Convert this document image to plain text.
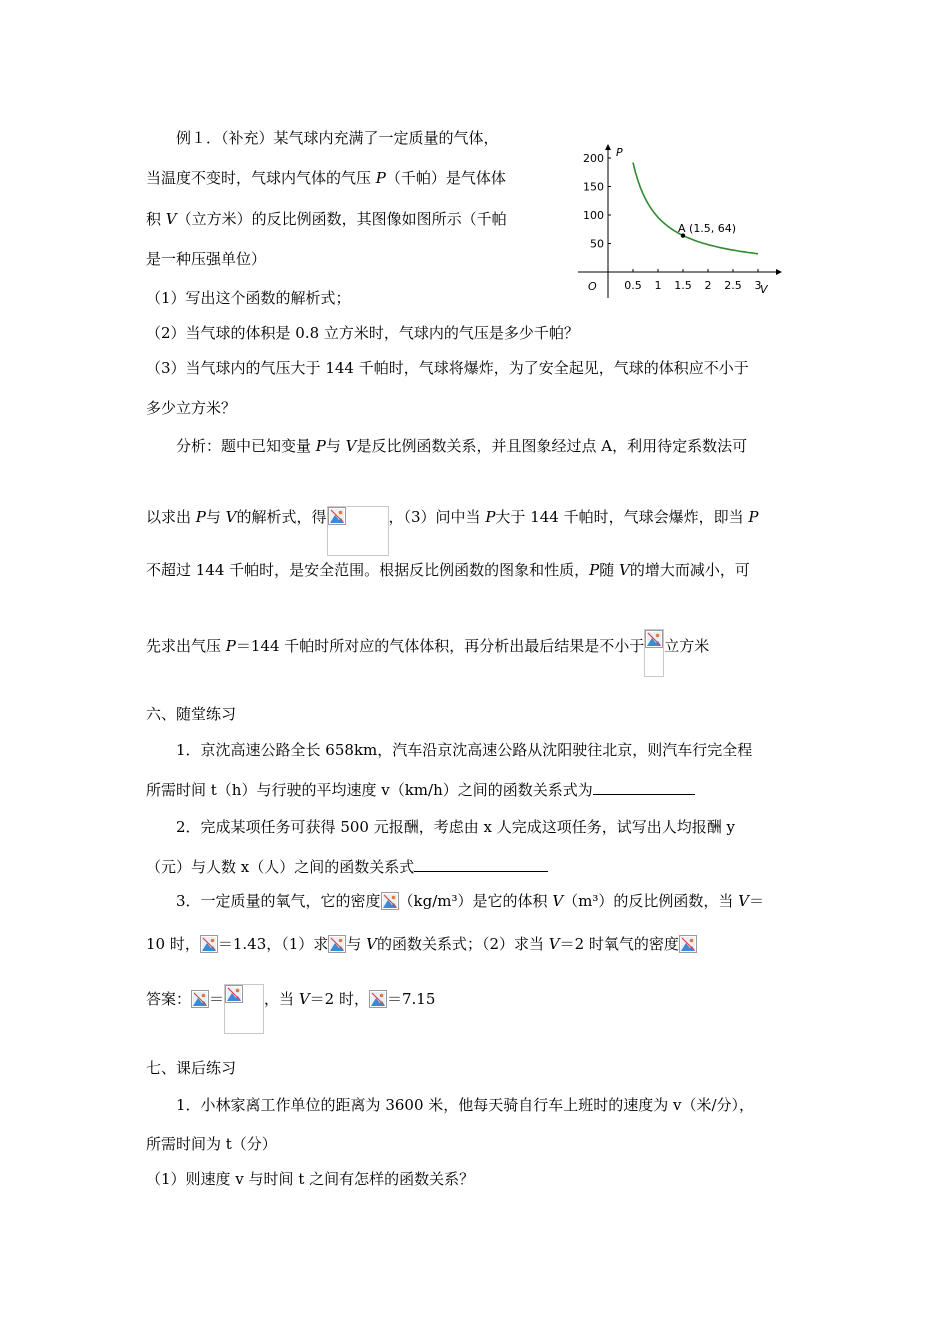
例１．（补充）某气球内充满了一定质量的气体，
当温度不变时，气球内气体的气压 P（千帕）是气体体
积 V（立方米）的反比例函数，其图像如图所示（千帕
是一种压强单位）
（1）写出这个函数的解析式；
（2）当气球的体积是 0.8 立方米时，气球内的气压是多少千帕？
（3）当气球内的气压大于 144 千帕时，气球将爆炸，为了安全起见，气球的体积应不小于
多少立方米？
P
V
O	0.5 1 1.5 2 2.5 3
50
100
150
200
A (1.5, 64)
分析：题中已知变量 P与 V是反比例函数关系，并且图象经过点 A，利用待定系数法可
以求出 P与 V的解析式，得	，（3）问中当 P大于 144 千帕时，气球会爆炸，即当 P
不超过 144 千帕时，是安全范围。根据反比例函数的图象和性质，P随 V的增大而减小，可
先求出气压 P＝144 千帕时所对应的气体体积，再分析出最后结果是不小于 立方米
六、随堂练习
1．京沈高速公路全长 658km，汽车沿京沈高速公路从沈阳驶往北京，则汽车行完全程
所需时间 t（h）与行驶的平均速度 v（km/h）之间的函数关系式为
2．完成某项任务可获得 500 元报酬，考虑由 x 人完成这项任务，试写出人均报酬 y
（元）与人数 x（人）之间的函数关系式
3．一定质量的氧气，它的密度 （kg/m³）是它的体积 V（m³）的反比例函数，当 V＝
10 时， ＝1.43，（1）求 与 V的函数关系式；（2）求当 V＝2 时氧气的密度
答案： ＝	，当 V＝2 时， ＝7.15
七、课后练习
1．小林家离工作单位的距离为 3600 米，他每天骑自行车上班时的速度为 v（米/分），
所需时间为 t（分）
（1）则速度 v 与时间 t 之间有怎样的函数关系？
